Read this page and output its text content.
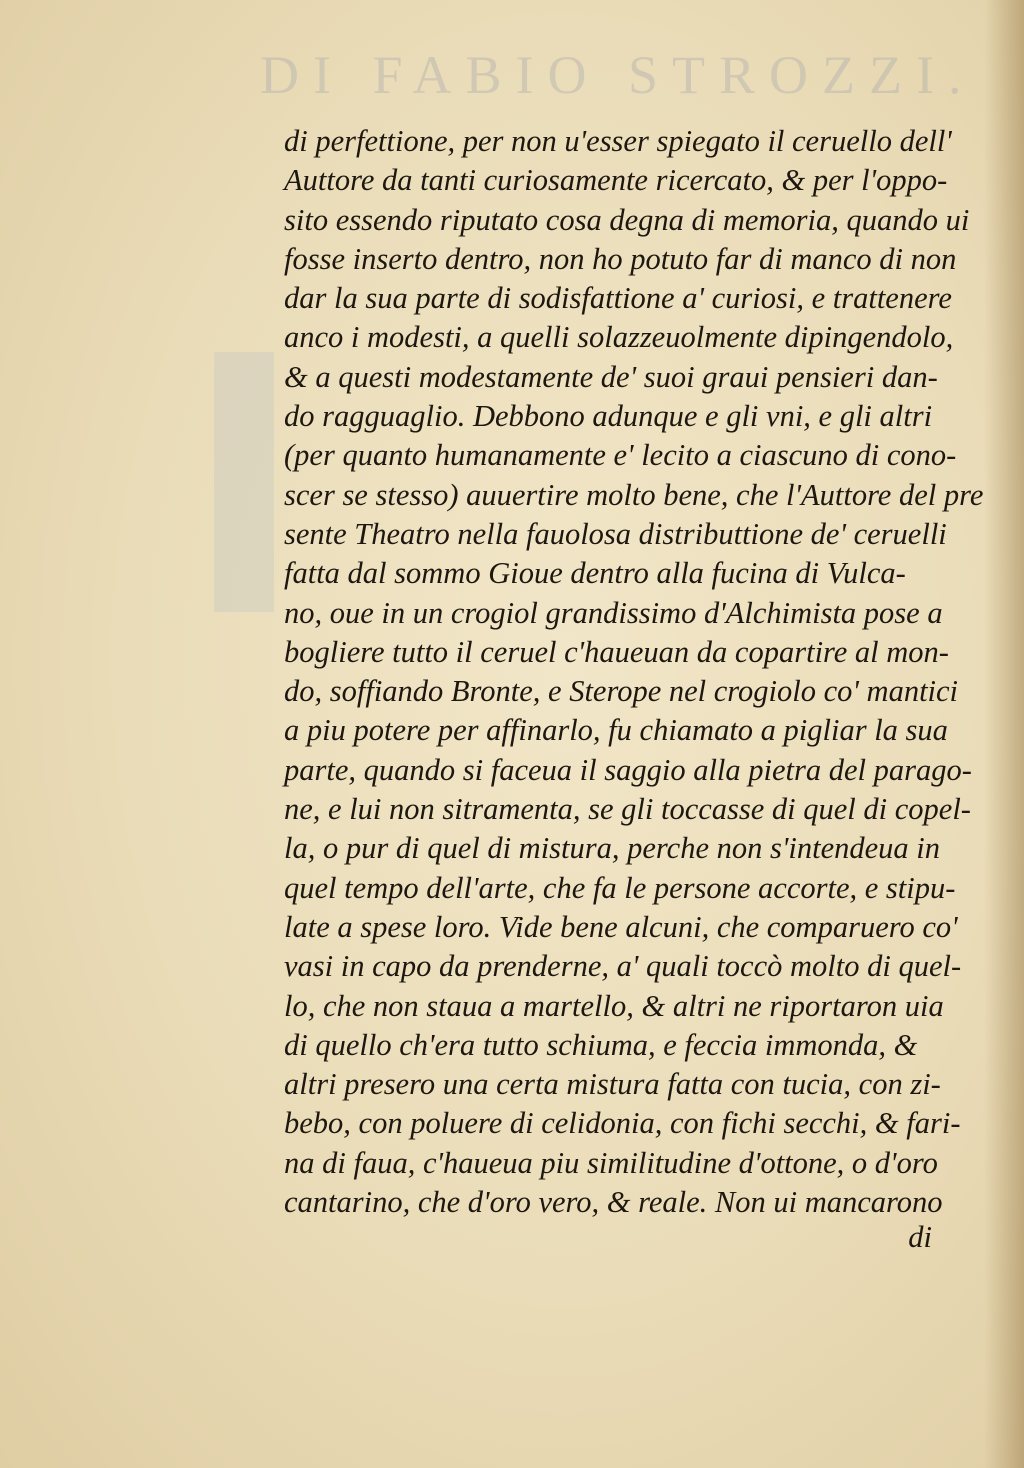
DI FABIO STROZZI.
di perfettione, per non u'esser spiegato il ceruello dell'
Auttore da tanti curiosamente ricercato, & per l'oppo-
sito essendo riputato cosa degna di memoria, quando ui
fosse inserto dentro, non ho potuto far di manco di non
dar la sua parte di sodisfattione a' curiosi, e trattenere
anco i modesti, a quelli solazzeuolmente dipingendolo,
& a questi modestamente de' suoi graui pensieri dan-
do ragguaglio. Debbono adunque e gli vni, e gli altri
(per quanto humanamente e' lecito a ciascuno di cono-
scer se stesso) auuertire molto bene, che l'Auttore del pre
sente Theatro nella fauolosa distributtione de' ceruelli
fatta dal sommo Gioue dentro alla fucina di Vulca-
no, oue in un crogiol grandissimo d'Alchimista pose a
bogliere tutto il ceruel c'haueuan da copartire al mon-
do, soffiando Bronte, e Sterope nel crogiolo co' mantici
a piu potere per affinarlo, fu chiamato a pigliar la sua
parte, quando si faceua il saggio alla pietra del parago-
ne, e lui non sitramenta, se gli toccasse di quel di copel-
la, o pur di quel di mistura, perche non s'intendeua in
quel tempo dell'arte, che fa le persone accorte, e stipu-
late a spese loro. Vide bene alcuni, che comparuero co'
vasi in capo da prenderne, a' quali toccò molto di quel-
lo, che non staua a martello, & altri ne riportaron uia
di quello ch'era tutto schiuma, e feccia immonda, &
altri presero una certa mistura fatta con tucia, con zi-
bebo, con poluere di celidonia, con fichi secchi, & fari-
na di faua, c'haueua piu similitudine d'ottone, o d'oro
cantarino, che d'oro vero, & reale. Non ui mancarono
di
